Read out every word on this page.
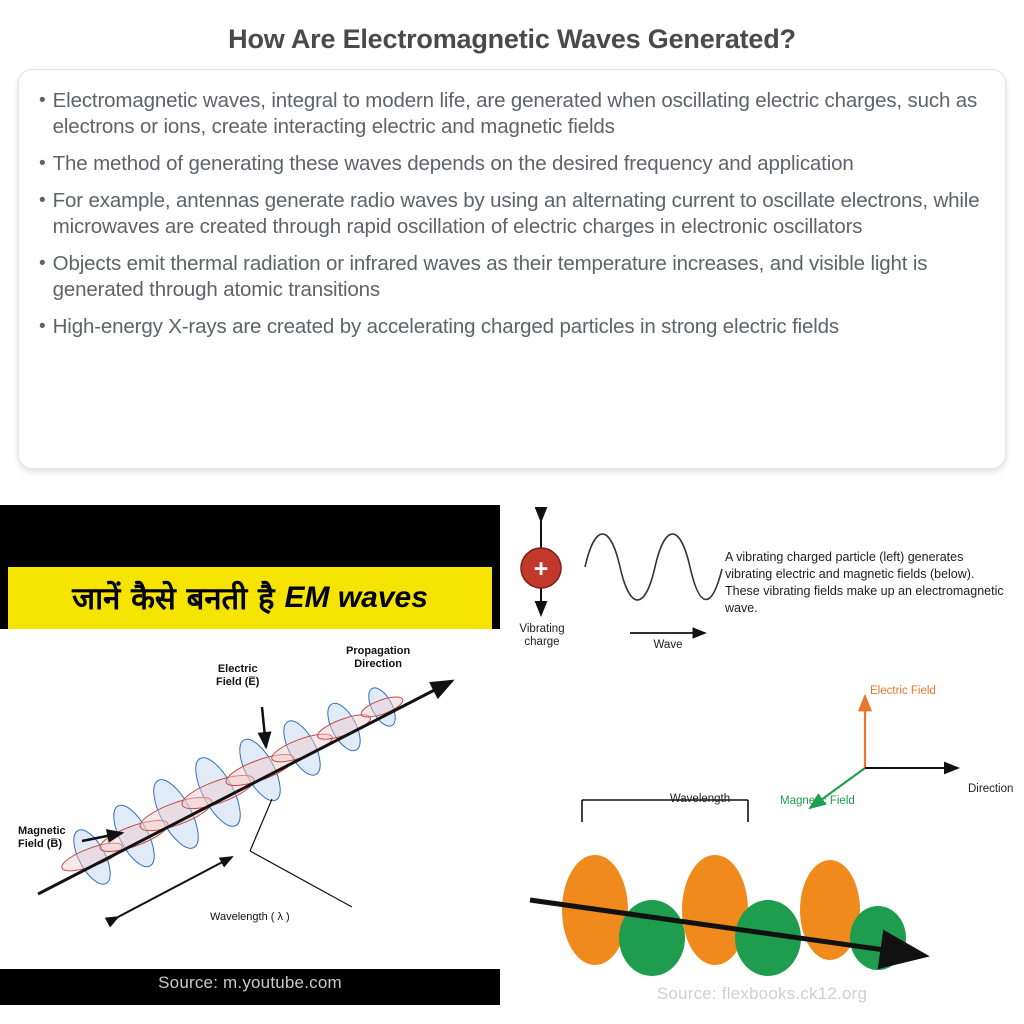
How Are Electromagnetic Waves Generated?
• Electromagnetic waves, integral to modern life, are generated when oscillating electric charges, such as electrons or ions, create interacting electric and magnetic fields
• The method of generating these waves depends on the desired frequency and application
• For example, antennas generate radio waves by using an alternating current to oscillate electrons, while microwaves are created through rapid oscillation of electric charges in electronic oscillators
• Objects emit thermal radiation or infrared waves as their temperature increases, and visible light is generated through atomic transitions
• High-energy X-rays are created by accelerating charged particles in strong electric fields
जानें कैसे बनती है EM waves
Electric
Field (E̅)
Propagation
Direction
Magnetic
Field (B̅)
Wavelength ( λ )
Source: m.youtube.com
+
Vibrating
charge	Wave
A vibrating charged particle (left) generates vibrating electric and magnetic fields (below). These vibrating fields make up an electromagnetic wave.
Electric Field
Magnetic Field
Direction
Wavelength
Source: flexbooks.ck12.org
